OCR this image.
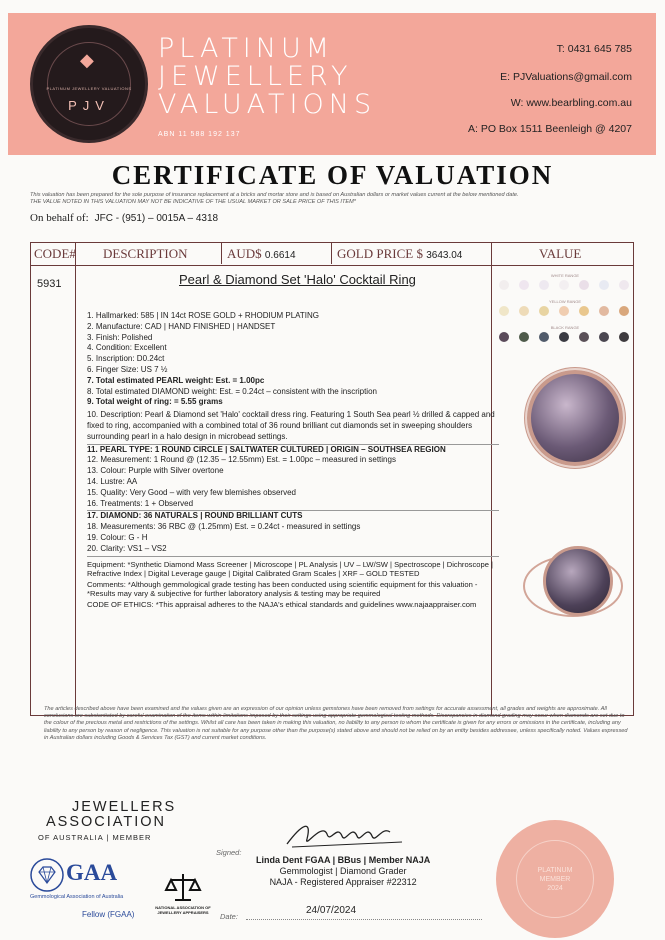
◆
PLATINUM JEWELLERY VALUATIONS
PJV
PLATINUM
JEWELLERY
VALUATIONS
ABN 11 588 192 137
T: 0431 645 785
E: PJValuations@gmail.com
W: www.bearbling.com.au
A: PO Box 1511 Beenleigh @ 4207
CERTIFICATE OF VALUATION
This valuation has been prepared for the sole purpose of insurance replacement at a bricks and mortar store and is based on Australian dollars or market values current at the below mentioned date.
THE VALUE NOTED IN THIS VALUATION MAY NOT BE INDICATIVE OF THE USUAL MARKET OR SALE PRICE OF THIS ITEM*
On behalf of: JFC - (951) – 0015A – 4318
CODE# DESCRIPTION	AUD$ 0.6614	GOLD PRICE $ 3643.04	VALUE
5931	Pearl & Diamond Set 'Halo' Cocktail Ring
1. Hallmarked: 585 | IN 14ct ROSE GOLD + RHODIUM PLATING
2. Manufacture: CAD | HAND FINISHED | HANDSET
3. Finish: Polished
4. Condition: Excellent
5. Inscription: D0.24ct
6. Finger Size: US 7 ½
7. Total estimated PEARL weight: Est. = 1.00pc
8. Total estimated DIAMOND weight: Est. = 0.24ct – consistent with the inscription
9. Total weight of ring: = 5.55 grams
10. Description: Pearl & Diamond set 'Halo' cocktail dress ring. Featuring 1 South Sea pearl ½ drilled & capped and fixed to ring, accompanied with a combined total of 36 round brilliant cut diamonds set in sweeping shoulders surrounding pearl in a halo design in microbead settings.
11. PEARL TYPE: 1 ROUND CIRCLE | SALTWATER CULTURED | ORIGIN – SOUTHSEA REGION
12. Measurement: 1 Round @ (12.35 – 12.55mm) Est. = 1.00pc – measured in settings
13. Colour: Purple with Silver overtone
14. Lustre: AA
15. Quality: Very Good – with very few blemishes observed
16. Treatments: 1 + Observed
17. DIAMOND: 36 NATURALS | ROUND BRILLIANT CUTS
18. Measurements: 36 RBC @ (1.25mm) Est. = 0.24ct - measured in settings
19. Colour: G - H
20. Clarity: VS1 – VS2
Equipment: *Synthetic Diamond Mass Screener | Microscope | PL Analysis | UV – LW/SW | Spectroscope | Dichroscope | Refractive Index | Digital Leverage gauge | Digital Calibrated Gram Scales | XRF – GOLD TESTED
Comments: *Although gemmological grade testing has been conducted using scientific equipment for this valuation - *Results may vary & subjective for further laboratory analysis & testing may be required
CODE OF ETHICS: *This appraisal adheres to the NAJA's ethical standards and guidelines www.najaappraiser.com
WHITE RANGE
YELLOW RANGE
BLACK RANGE
The articles described above have been examined and the values given are an expression of our opinion unless gemstones have been removed from settings for accurate assessment, all grades and weights are approximate. All conclusions are substantiated by careful examination of the items within limitations imposed by their settings using appropriate gemmological testing methods. Discrepancies in diamond grading may occur when diamonds are set due to the colour of the precious metal and restrictions of the settings. Whilst all care has been taken in making this valuation, no liability to any person to whom the certificate is given for any errors or omissions in the certificate, including any liability to any person by reason of negligence. This valuation is not suitable for any purpose other than the purpose(s) stated above and should not be relied on by an entity besides addressee, unless specifically noted. Values expressed in Australian dollars including Goods & Services Tax (GST) and current market conditions.
JEWELLERS
ASSOCIATION
OF AUSTRALIA | MEMBER
GAA
Gemmological Association of Australia
Fellow (FGAA)
NATIONAL ASSOCIATION OF JEWELLERY APPRAISERS
Signed:
Linda Dent FGAA | BBus | Member NAJA
Gemmologist | Diamond Grader
NAJA - Registered Appraiser #22312
Date:
24/07/2024
PLATINUM
MEMBER
2024
